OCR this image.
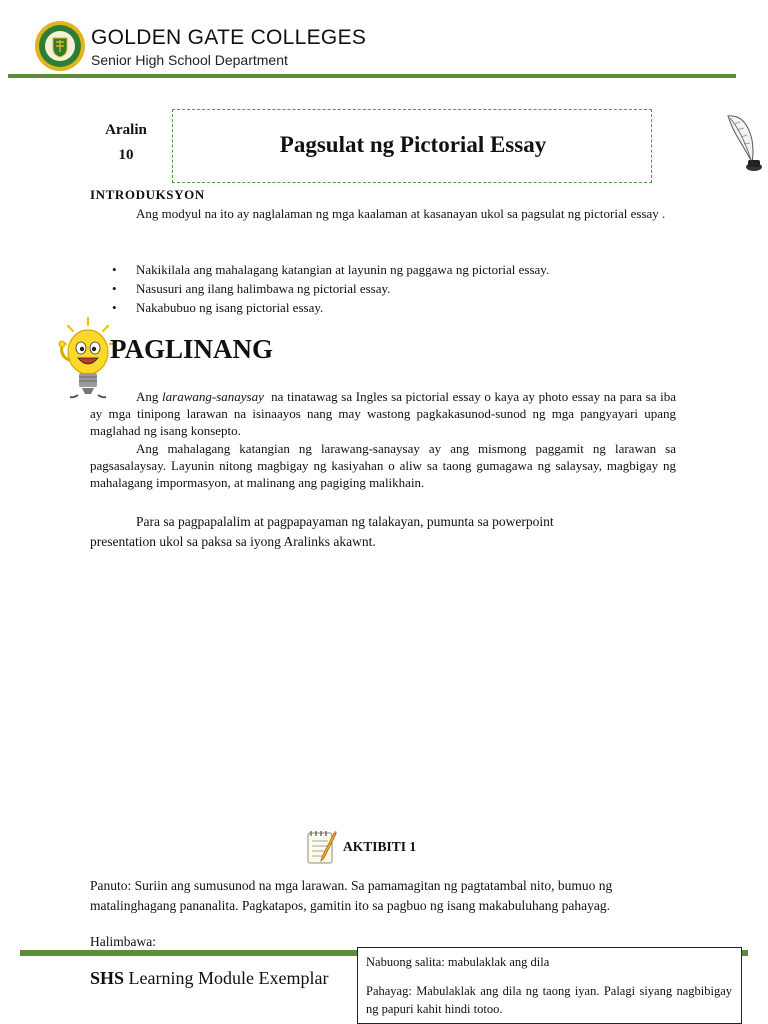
GOLDEN GATE COLLEGES
Senior High School Department
Aralin
10	Pagsulat ng Pictorial Essay
INTRODUKSYON
Ang modyul na ito ay naglalaman ng mga kaalaman at kasanayan ukol sa pagsulat ng pictorial essay .
• Nakikilala ang mahalagang katangian at layunin ng paggawa ng pictorial essay.
• Nasusuri ang ilang halimbawa ng pictorial essay.
• Nakabubuo ng isang pictorial essay.
PAGLINANG
Ang larawang-sanaysay  na tinatawag sa Ingles sa pictorial essay o kaya ay photo essay na para sa iba ay mga tinipong larawan na isinaayos nang may wastong pagkakasunod-sunod ng mga pangyayari upang maglahad ng isang konsepto.
Ang mahalagang katangian ng larawang-sanaysay ay ang mismong paggamit ng larawan sa pagsasalaysay. Layunin nitong magbigay ng kasiyahan o aliw sa taong gumagawa ng salaysay, magbigay ng mahalagang impormasyon, at malinang ang pagiging malikhain.
Para sa pagpapalalim at pagpapayaman ng talakayan, pumunta sa powerpoint presentation ukol sa paksa sa iyong Aralinks akawnt.
AKTIBITI 1
Panuto: Suriin ang sumusunod na mga larawan. Sa pamamagitan ng pagtatambal nito, bumuo ng matalinghagang pananalita. Pagkatapos, gamitin ito sa pagbuo ng isang makabuluhang pahayag.
Halimbawa:
SHS Learning Module Exemplar
Nabuong salita: mabulaklak ang dila
Pahayag: Mabulaklak ang dila ng taong iyan. Palagi siyang nagbibigay ng papuri kahit hindi totoo.
